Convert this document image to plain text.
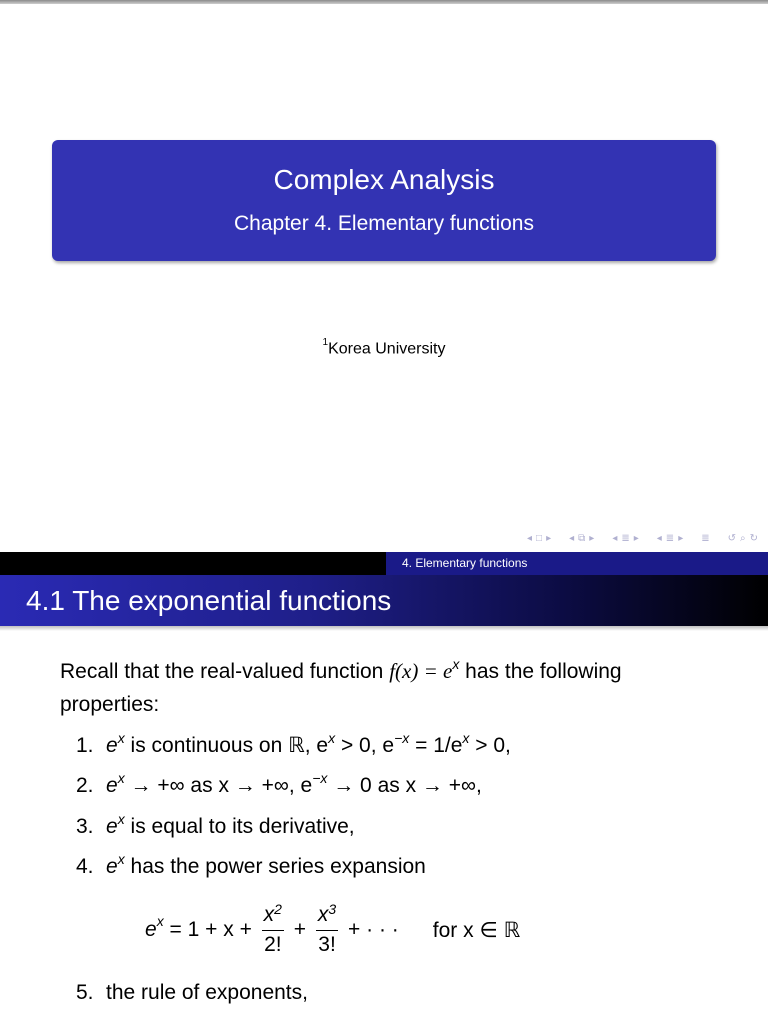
Complex Analysis
Chapter 4. Elementary functions
$^1$Korea University
◂ □ ▸ ◂ ⧉ ▸ ◂ ≣ ▸ ◂ ≣ ▸ ≣ ↺ ⌕ ↻
4. Elementary functions
4.1 The exponential functions
Recall that the real-valued function $f(x) = e^x$ has the following
properties:
1. $e^x$ is continuous on ℝ, $e^x > 0$, $e^{-x} = 1/e^x > 0$,
2. $e^x$ → +∞ as x → +∞, $e^{-x} \to 0$ as x → +∞,
3. $e^x$ is equal to its derivative,
4. $e^x$ has the power series expansion
5. the rule of exponents,
e $x = 1 + x + \frac{x^2}{2!} + \frac{x^3}{3!}$ + · · · for x ∈ ℝ
